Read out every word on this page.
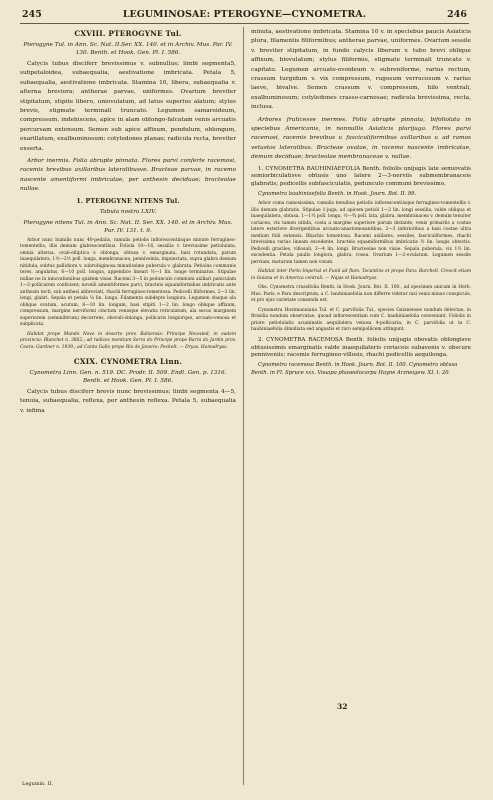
245	LEGUMINOSAE: PTEROGYNE—CYNOMETRA.	246
CXVIII. PTEROGYNE Tul.

Pterogyne Tul. in Ann. Sc. Nat. II.Ser. XX. 140. et in Archiv. Mus. Par. IV. 130. Benth. et Hook. Gen. Pl. I. 586.

Calycis tubus disciferr brevissimus v. subnullus; limbi segmenta5, subpetaloidea, subaequalia, aestivatione imbricata. Petala 5, subaequalia, aestivatione imbricata. Stamina 10, libera, subaequalia v. alterna breviora; antherae parvae, uniformes. Ovarium breviter stipitatum, stipite libero, uniovulatum, ad latus superius alatum; stylus brevis, stigmate terminali truncato. Legumen samaroideum, compressum, indehiscens, apice in alam oblongo-falcatam venis arcuatis percursam extensum. Semen sub apice affixum, pendulum, oblongum, exarillatum, exalbuminosum; cotyledones planae; radicula recta, breviter exserta.

Arbor inermis. Folia abrupte pinnata. Flores parvi conferte racemosi, racemis brevibus axillaribus lateralibusve. Bracteae parvae, in racemo nascente amentiformi imbricatae, per anthesin deciduae; bracteolae nullae.

1. PTEROGYNE NITENS Tul.

Tabula nostra LXIV.

Pterogyne nitens Tul. in Ann. Sc. Nat. II. Ser. XX. 140. et in Archiv. Mus. Par. IV. 131. t. 9.

Arbor nunc humilis nunc 40-pedalis, ramulis petiolis inflorescentiisque minute ferrugineo-tomentellis, illis demum glabrescentibus. Foliola 10—16, sessilia v. breviusime petiolulata, omnia alterna, ovali-elliptica v. oblonga, obtusa v. emarginata, basi rotundata, parum inaequilatera, 1½—2½ poll. longa, membranacea, penniveinia, impunctata, supra glabra demum nitidula, subtus pallidiora v. subrubiginosa minutissime puberula v. glabrata. Petiolus communis teres, angulatus, 6—10 poll. longus, appendice lineari ½—1 lin. longe terminatus. Stipulae nullae ne in innovationibus quidem visae. Racemi 3—5 in pedunculo communi axillari paniculam 1—2-pollicarem conficient; novelli amentiformes parvi, bracteis squamiformibus imbricatis ante anthesin tecti, sub anthesi abbreviati, rhachi ferrugineo-tomentosa. Pedicelli filiformes, 2—3 lin. longi, glabri. Sepala et petala ¼ lin. longa. Filamenta subdepto longiora. Legumen obsque ala oblique ovatum, acutum, 8—10 lin. longum, basi stipiti 1—2 lin. longo oblique affixum, compressum, margine nerviformi cinctum venisque elevatis reticulatum; ala secus marginem superiorem (seminiferum) decurrens, obovali-oblonga, pollicaris longiorque, arcuato-venosa et subplicata.

Habitat prope Mundo Novo in deserto prov. Bahiensis: Principe Neuwied; in eadem provincia: Blanchet n. 3862.; ad radices montium Serra do Principe prope Barra do Jardin prov. Ceara: Gardner n. 1939.; ad Canta Gallo prope Rio de Janeiro: Peckolt. — Dryas, Hamadryas.

CXIX. CYNOMETRA Linn.

Cynometra Linn. Gen. n. 519. DC. Prodr. II. 509. Endl. Gen. p. 1316. Benth. et Hook. Gen. Pl. I. 586.

Calycis tubus disciferr brevis nunc brevissimus; limbi segmenta 4—5, tenuia, subaequalia, reflexa, per anthesin reflexa. Petala 5, subaequalia v. infima

minuta, aestivatione imbricata. Stamina 10 v. in speciebus paucis Asiaticis plura, filamentis filiformibus; antherae parvae, uniformes. Ovarium sessile v. breviter stipitatum, in fundo calycis liberum v. tubo brevi oblique affixum, biovulatum; stylus filiformis, stigmate terminali truncato v. capitato. Legumen arcuato-ovoideum v. subreniforme, rarius rectum, crassum turgidum v. vix compressum, rugosum verrucosum v. rarius laeve, bivalve. Semen crassum v. compressum, hilo ventrali, exalbuminosum; cotyledones crasso-carnosae; radicula brevissima, recta, inclusa.

Arbores fruticesve inermes. Folia abrupte pinnata, bifoliolata in speciebus Americanis, in nonnullis Asiaticis plurijuga. Flores parvi racemosi, racemis brevibus v. fasciculiformibus axillaribus v. ad ramos vetustos lateralibus. Bracteae ovatae, in racemo nascente imbricatae, demum deciduae; bracteolae membranaceae v. nullae.

1. CYNOMETRA BAUHINIAEFOLIA Benth. foliolis unijugis late semiovatis semiorbiculatisve obtusis uno latere 2—3-nerviis submembranaceis glabratis; pedicellis subfasciculatis, pedunculo communi brevissimo.

Cynometra bauhiniaefolia Benth. in Hook. Journ. Bot. II. 99.

Arbor coma ramosissima, ramulis tenuibus petiolis inflorescentiisque ferrugineo-tomentellis v. illis demum glabratis. Stipulae 1-juga, ad apicem petioli 1—2 lin. longi sessilia, valde obliqua et inaequilatera, obtusa, 1—1½ poll. longa, ½—¾ poll. lata, glabra, membranacea v. demum tenuiter coriacea, vix tamen nitida, costa a margine superiore parum distante, venis primariis a costae latere exteriore divergentibus arcuato-anastomosantibus, 2—3 inferioribus a basi costae ultra medium folii extensis. Rhachis tomentosa. Racemi axillares, sessiles, fasciculiformes, rhachi brevissima rarius lineam excedente, bracteis squamiformibus imbricatis ½ lin. longis obtectis. Pedicelli graciles, villosuli, 3—4 lin. longi. Bracteolae non visae. Sepala puberula, vix 1½ lin. excedentia. Petala paullo longiora, glabra, rosea. Ovarium 1—2-ovulatum. Legumen sessile perviam, maturum tamen non visum.

Habitat inter Porto Imperial et Funil ad flum. Tocantins et prope Para: Burchell. Crescit etiam in Guiana et in America centrali. — Najas et Hamadryas.

Obs. Cynometra crassifolia Benth. in Hook. Journ. Bot. II. 100., ad specimen unicum in Herb. Mus. Paris. e Para descriptum, a C. bauhiniaefolia non differre videtur nisi venis minus conspicuis, et pro ejus varietate consenda est.

Cynometra Hostmanniana Tul. et C. parvifolia Tul., species Guianenses nondum detectae, in Brasilia nondum observatae, quoad inflorescentiam cum C. bauhiniaefolia conveniunt. Foliolis in priore petiolulatis acuminatis aequilatera venosa 4-pollicaria; in C. parvifolia ut in C. bauhiniaefolia dimidiata sed angustis et raro semipollicem attingunt.

2. CYNOMETRA RACEMOSA Benth. foliolis unijugis obovatis oblongisve obtusissimis emarginatis valde inaequilateris coriaceis subavenis v. obscure penniveniis; racemis ferrugineo-villosis, rhachi pedicellis aequilonga.

Cynometra racemosa Benth. in Hook. Journ. Bot. II. 100. Cynometra obtusa Benth. in Fl. Spruce xxx. Vouapa phaseolocarpa Hayne Arzneigew. XI. t. 20.

32
Legumin. II.
